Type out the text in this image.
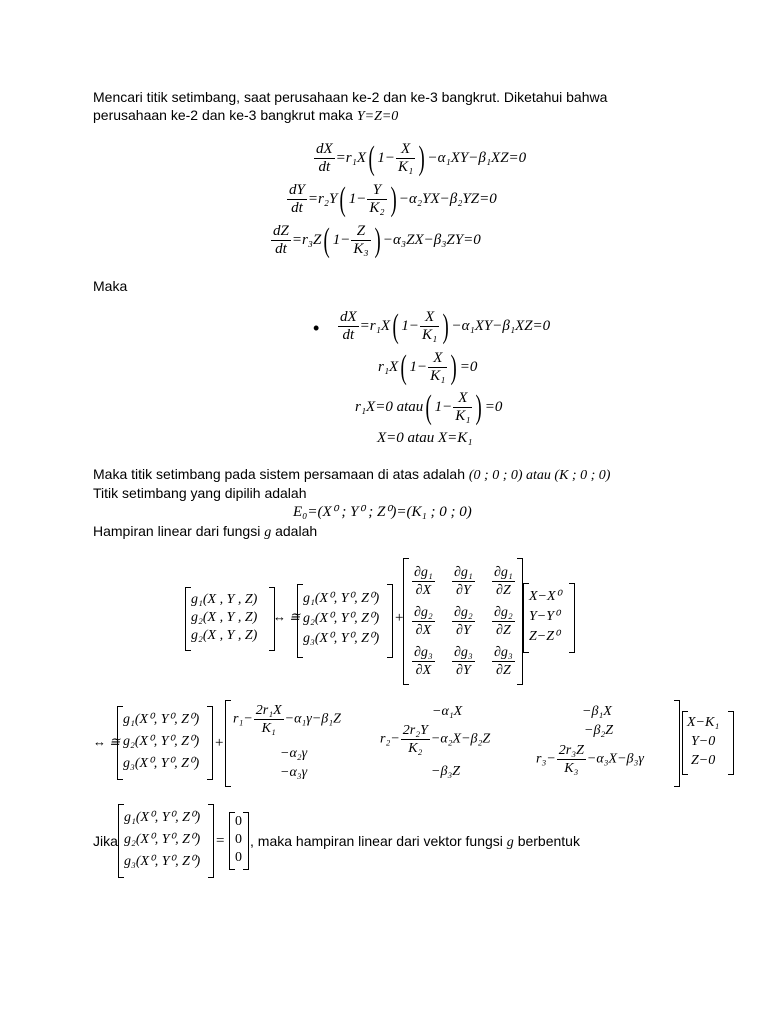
Mencari titik setimbang, saat perusahaan ke-2 dan ke-3 bangkrut. Diketahui bahwa
perusahaan ke-2 dan ke-3 bangkrut maka Y=Z=0
$\frac{dX}{dt} =r_1X$( $1- \frac{X}{\text{K₁}}$ ) −α₁XY−β₁XZ=0
$\frac{dY}{dt} =r_2Y$( $1- \frac{Y}{\text{K₂}}$ ) −α₂YX−β₂YZ=0
$\frac{dZ}{dt} =r_3Z$( $1- \frac{Z}{\text{K₃}}$ ) −α₃ZX−β₃ZY=0
Maka
• $\frac{dX}{dt} =r_1X$( $1- \frac{X}{\text{K₁}}$ ) −α₁XY−β₁XZ=0
r₁X( $1- \frac{X}{\text{K₁}}$ ) =0
r₁X=0 atau( $1- \frac{X}{\text{K₁}}$ ) =0
X=0 atau X=K₁
Maka titik setimbang pada sistem persamaan di atas adalah (0 ; 0 ; 0) atau (K ; 0 ; 0)
Titik setimbang yang dipilih adalah
E₀=(X⁰ ; Y⁰ ; Z⁰)=(K₁ ; 0 ; 0)
Hampiran linear dari fungsi g adalah
g₁(X , Y , Z)
g₂(X , Y , Z)
g₂(X , Y , Z)
↔ ≅
g₁(X⁰, Y⁰, Z⁰)
g₂(X⁰, Y⁰, Z⁰)
g₃(X⁰, Y⁰, Z⁰)
+
$\frac{\text{∂g₁}}{\partial X} \frac{\text{∂g₁}}{\partial Y} \frac{\text{∂g₁}}{\partial Z}$
$\frac{\text{∂g₂}}{\partial X} \frac{\text{∂g₂}}{\partial Y} \frac{\text{∂g₂}}{\partial Z}$
$\frac{\text{∂g₃}}{\partial X} \frac{\text{∂g₃}}{\partial Y} \frac{\text{∂g₃}}{\partial Z}$
X−X⁰
Y−Y⁰
Z−Z⁰
↔ ≅
g₁(X⁰, Y⁰, Z⁰)
g₂(X⁰, Y⁰, Z⁰)
g₃(X⁰, Y⁰, Z⁰)
+
$r_1- \frac{\text{2r₁X}}{\text{K₁}} -\alpha_1\gamma-\beta_1Z$
−α₁X	−β₁X
−α₂γ
$r_2- \frac{\text{2r₂Y}}{\text{K₂}} -\alpha_2X-\beta_2Z$
−β₂Z
−α₃γ	−β₃Z
$r_3- \frac{\text{2r₃Z}}{\text{K₃}} -\alpha_3X-\beta_3\gamma$
X−K₁
Y−0
Z−0
Jika
g₁(X⁰, Y⁰, Z⁰)
g₂(X⁰, Y⁰, Z⁰)
g₃(X⁰, Y⁰, Z⁰)
=
0
0
0
, maka hampiran linear dari vektor fungsi g berbentuk
